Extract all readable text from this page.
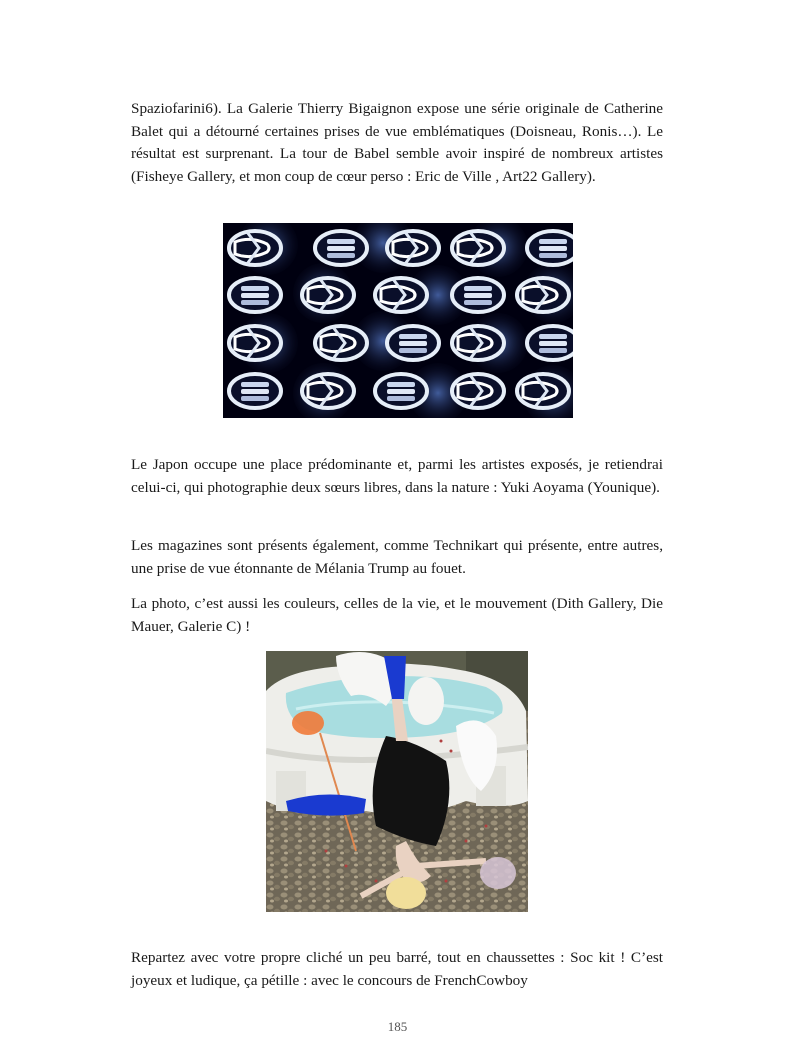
Spaziofarini6). La Galerie Thierry Bigaignon expose une série originale de Catherine Balet qui a détourné certaines prises de vue emblématiques (Doisneau, Ronis…). Le résultat est surprenant. La tour de Babel semble avoir inspiré de nombreux artistes (Fisheye Gallery, et mon coup de cœur perso : Eric de Ville , Art22 Gallery).

Le Japon occupe une place prédominante et, parmi les artistes exposés, je retiendrai celui-ci, qui photographie deux sœurs libres, dans la nature : Yuki Aoyama (Younique).

Les magazines sont présents également, comme Technikart qui présente, entre autres, une prise de vue étonnante de Mélania Trump au fouet.

La photo, c’est aussi les couleurs, celles de la vie, et le mouvement (Dith Gallery, Die Mauer, Galerie C) !

Repartez avec votre propre cliché un peu barré, tout en chaussettes : Soc kit ! C’est joyeux et ludique, ça pétille : avec le concours de FrenchCowboy

185
